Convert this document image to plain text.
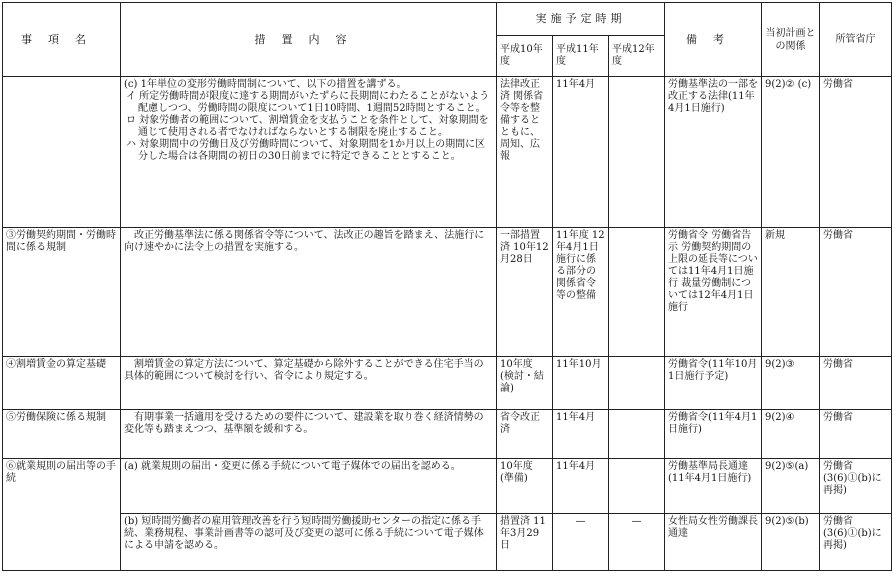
事項名	措置内容	実施予定時期			備考	当初計画との関係	所管省庁
		平成10年度	平成11年度	平成12年度			

	(c) 1年単位の変形労働時間制について、以下の措置を講ずる。
イ 所定労働時間が限度に達する期間がいたずらに長期間にわたることがないよう配慮しつつ、労働時間の限度について1日10時間、1週間52時間とすること。
ロ 対象労働者の範囲について、割増賃金を支払うことを条件として、対象期間を通じて使用される者でなければならないとする制限を廃止すること。
ハ 対象期間中の労働日及び労働時間について、対象期間を1か月以上の期間に区分した場合は各期間の初日の30日前までに特定できることとすること。	法律改正済 関係省令等を整備するとともに、周知、広報	11年4月		労働基準法の一部を改正する法律(11年4月1日施行)	9(2)② (c)	労働省
③労働契約期間・労働時間に係る規制	改正労働基準法に係る関係省令等について、法改正の趣旨を踏まえ、法施行に向け速やかに法令上の措置を実施する。	一部措置済 10年12月28日	11年度 12年4月1日施行に係る部分の関係省令等の整備		労働省令 労働省告示 労働契約期間の上限の延長等については11年4月1日施行 裁量労働制については12年4月1日施行	新規	労働省
④割増賃金の算定基礎	割増賃金の算定方法について、算定基礎から除外することができる住宅手当の具体的範囲について検討を行い、省令により規定する。	10年度 (検討・結論)	11年10月		労働省令(11年10月1日施行予定)	9(2)③	労働省
⑤労働保険に係る規制	有期事業一括適用を受けるための要件について、建設業を取り巻く経済情勢の変化等も踏まえつつ、基準額を緩和する。	省令改正済	11年4月		労働省令(11年4月1日施行)	9(2)④	労働省
⑥就業規則の届出等の手続	(a) 就業規則の届出・変更に係る手続について電子媒体での届出を認める。	10年度 (準備)	11年4月		労働基準局長通達(11年4月1日施行)	9(2)⑤(a)	労働省 (3(6)①(b)に再掲)

	(b) 短時間労働者の雇用管理改善を行う短時間労働援助センターの指定に係る手続、業務規程、事業計画書等の認可及び変更の認可に係る手続について電子媒体による申請を認める。	措置済 11年3月29日	—	—	女性局女性労働課長通達	9(2)⑤(b)	労働省 (3(6)①(b)に再掲)
